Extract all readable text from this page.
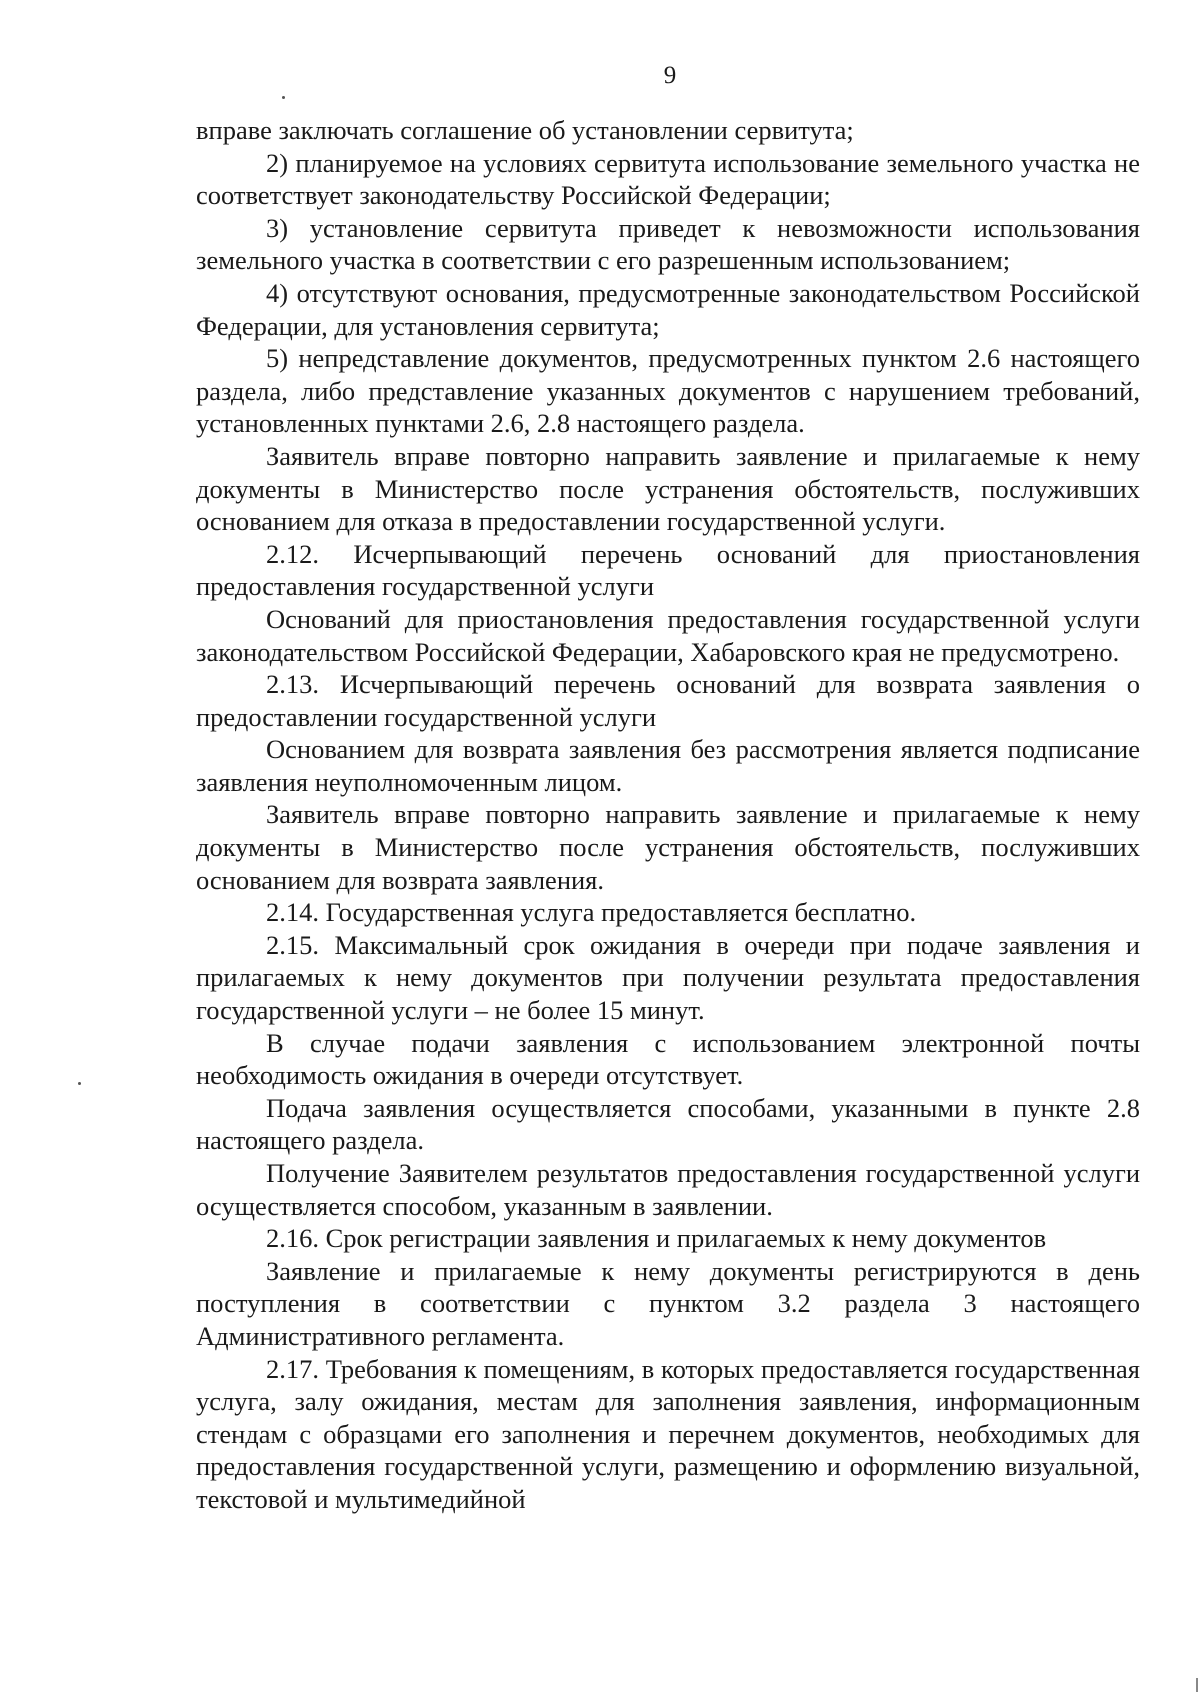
9

вправе заключать соглашение об установлении сервитута;

2) планируемое на условиях сервитута использование земельного участка не соответствует законодательству Российской Федерации;

3) установление сервитута приведет к невозможности использования земельного участка в соответствии с его разрешенным использованием;

4) отсутствуют основания, предусмотренные законодательством Российской Федерации, для установления сервитута;

5) непредставление документов, предусмотренных пунктом 2.6 настоящего раздела, либо представление указанных документов с нарушением требований, установленных пунктами 2.6, 2.8 настоящего раздела.

Заявитель вправе повторно направить заявление и прилагаемые к нему документы в Министерство после устранения обстоятельств, послуживших основанием для отказа в предоставлении государственной услуги.

2.12. Исчерпывающий перечень оснований для приостановления предоставления государственной услуги

Оснований для приостановления предоставления государственной услуги законодательством Российской Федерации, Хабаровского края не предусмотрено.

2.13. Исчерпывающий перечень оснований для возврата заявления о предоставлении государственной услуги

Основанием для возврата заявления без рассмотрения является подписание заявления неуполномоченным лицом.

Заявитель вправе повторно направить заявление и прилагаемые к нему документы в Министерство после устранения обстоятельств, послуживших основанием для возврата заявления.

2.14. Государственная услуга предоставляется бесплатно.

2.15. Максимальный срок ожидания в очереди при подаче заявления и прилагаемых к нему документов при получении результата предоставления государственной услуги – не более 15 минут.

В случае подачи заявления с использованием электронной почты необходимость ожидания в очереди отсутствует.

Подача заявления осуществляется способами, указанными в пункте 2.8 настоящего раздела.

Получение Заявителем результатов предоставления государственной услуги осуществляется способом, указанным в заявлении.

2.16. Срок регистрации заявления и прилагаемых к нему документов

Заявление и прилагаемые к нему документы регистрируются в день поступления в соответствии с пунктом 3.2 раздела 3 настоящего Административного регламента.

2.17. Требования к помещениям, в которых предоставляется государственная услуга, залу ожидания, местам для заполнения заявления, информационным стендам с образцами его заполнения и перечнем документов, необходимых для предоставления государственной услуги, размещению и оформлению визуальной, текстовой и мультимедийной
